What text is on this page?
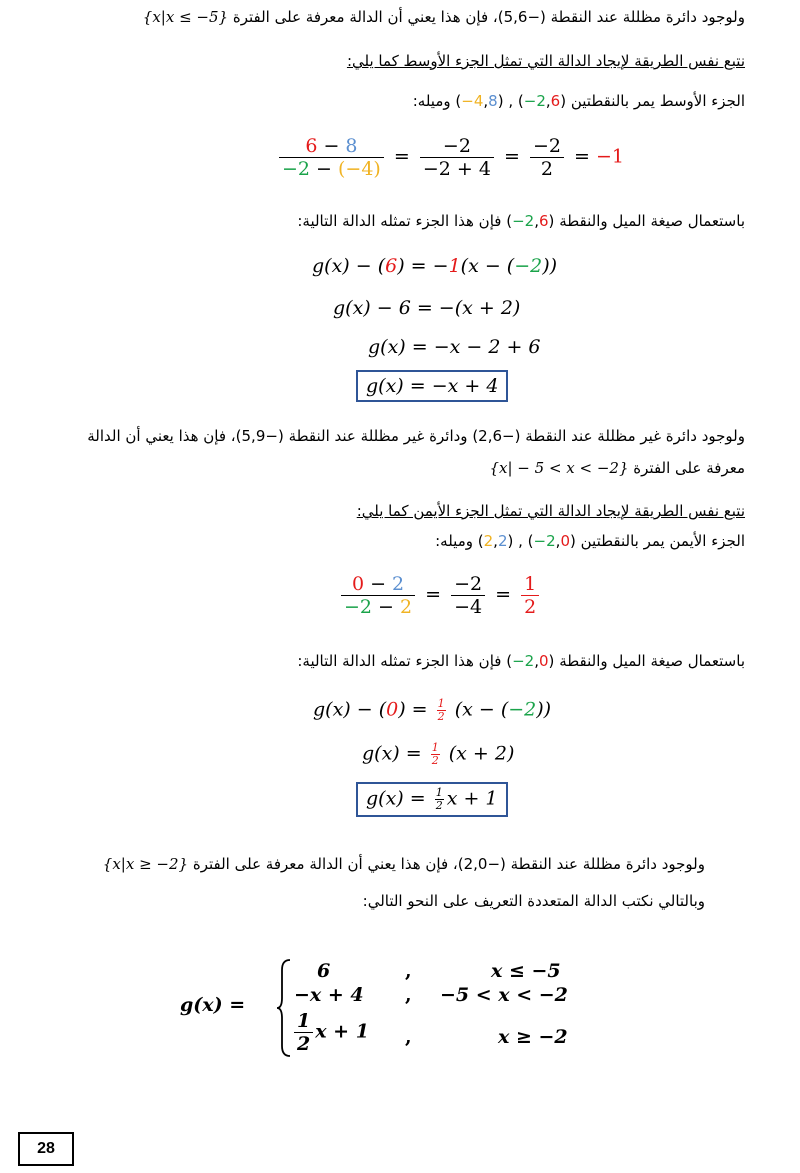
ولوجود دائرة مظللة عند النقطة (−5,6)، فإن هذا يعني أن الدالة معرفة على الفترة {x|x ≤ −5}
نتبع نفس الطريقة لإيجاد الدالة التي تمثل الجزء الأوسط كما يلي:
الجزء الأوسط يمر بالنقطتين (−2,6) , (−4,8) وميله:
$\frac{6 - 8}{-2 - (-4)} = \frac{-2}{-2 + 4} = \frac{-2}{2} = -1$
باستعمال صيغة الميل والنقطة (−2,6) فإن هذا الجزء تمثله الدالة التالية:
g(x) − (6) = −1(x − (−2))
g(x) − 6 = −(x + 2)
g(x) = −x − 2 + 6
g(x) = −x + 4
ولوجود دائرة غير مظللة عند النقطة (−2,6) ودائرة غير مظللة عند النقطة (−5,9)، فإن هذا يعني أن الدالة
معرفة على الفترة {x| − 5 < x < −2}
نتبع نفس الطريقة لإيجاد الدالة التي تمثل الجزء الأيمن كما يلي:
الجزء الأيمن يمر بالنقطتين (−2,0) , (2,2) وميله:
$\frac{0 - 2}{-2 - 2} = \frac{-2}{-4} = \frac{1}{2}$
باستعمال صيغة الميل والنقطة (−2,0) فإن هذا الجزء تمثله الدالة التالية:
$g(x) - (0) = \frac{1}{2} (x - (-2))$
$g(x) = \frac{1}{2} (x + 2)$
$g(x) = \frac{1}{2}$ x + 1
ولوجود دائرة مظللة عند النقطة (−2,0)، فإن هذا يعني أن الدالة معرفة على الفترة {x|x ≥ −2}
وبالتالي نكتب الدالة المتعددة التعريف على النحو التالي:
g(x) =
6	,	x ≤ −5
−x + 4 , −5 < x < −2
$\frac{1}{2}$ x + 1 ,	x ≥ −2
28
